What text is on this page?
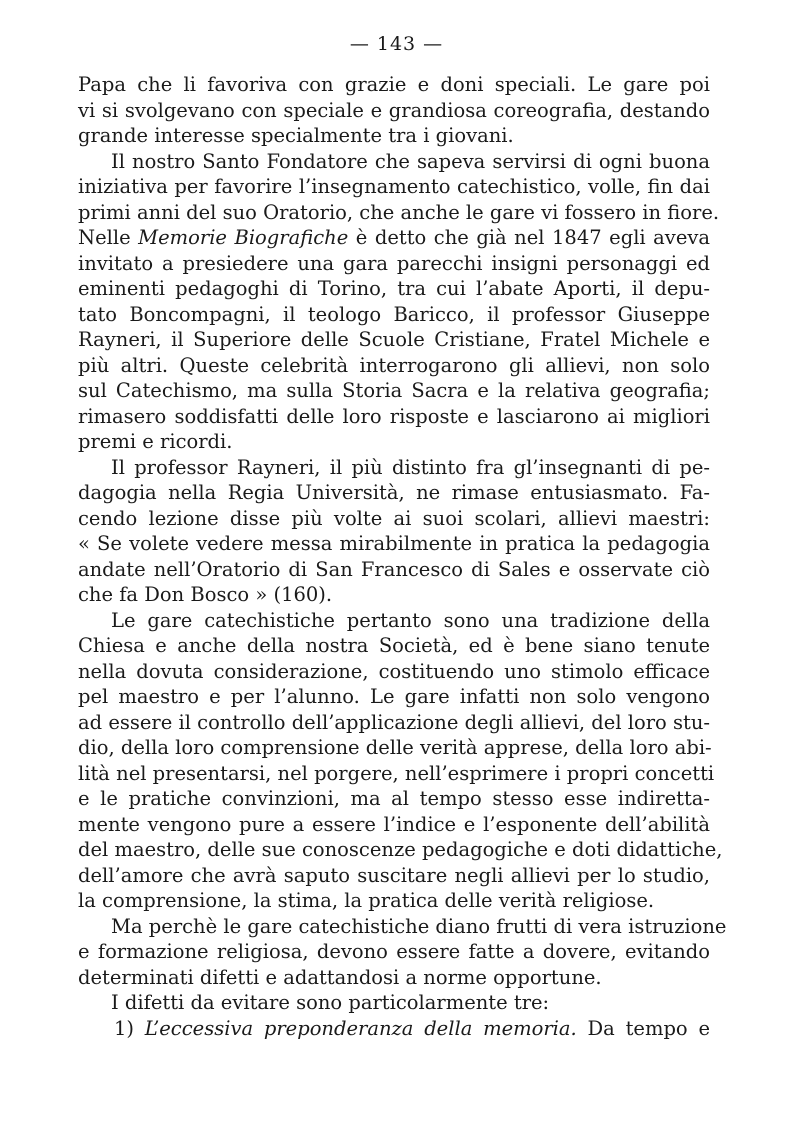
— 143 —
Papa che li favoriva con grazie e doni speciali. Le gare poi
vi si svolgevano con speciale e grandiosa coreografia, destando
grande interesse specialmente tra i giovani.
Il nostro Santo Fondatore che sapeva servirsi di ogni buona
iniziativa per favorire l’insegnamento catechistico, volle, fin dai
primi anni del suo Oratorio, che anche le gare vi fossero in fiore.
Nelle Memorie Biografiche è detto che già nel 1847 egli aveva
invitato a presiedere una gara parecchi insigni personaggi ed
eminenti pedagoghi di Torino, tra cui l’abate Aporti, il depu-
tato Boncompagni, il teologo Baricco, il professor Giuseppe
Rayneri, il Superiore delle Scuole Cristiane, Fratel Michele e
più altri. Queste celebrità interrogarono gli allievi, non solo
sul Catechismo, ma sulla Storia Sacra e la relativa geografia;
rimasero soddisfatti delle loro risposte e lasciarono ai migliori
premi e ricordi.
Il professor Rayneri, il più distinto fra gl’insegnanti di pe-
dagogia nella Regia Università, ne rimase entusiasmato. Fa-
cendo lezione disse più volte ai suoi scolari, allievi maestri:
« Se volete vedere messa mirabilmente in pratica la pedagogia
andate nell’Oratorio di San Francesco di Sales e osservate ciò
che fa Don Bosco » (160).
Le gare catechistiche pertanto sono una tradizione della
Chiesa e anche della nostra Società, ed è bene siano tenute
nella dovuta considerazione, costituendo uno stimolo efficace
pel maestro e per l’alunno. Le gare infatti non solo vengono
ad essere il controllo dell’applicazione degli allievi, del loro stu-
dio, della loro comprensione delle verità apprese, della loro abi-
lità nel presentarsi, nel porgere, nell’esprimere i propri concetti
e le pratiche convinzioni, ma al tempo stesso esse indiretta-
mente vengono pure a essere l’indice e l’esponente dell’abilità
del maestro, delle sue conoscenze pedagogiche e doti didattiche,
dell’amore che avrà saputo suscitare negli allievi per lo studio,
la comprensione, la stima, la pratica delle verità religiose.
Ma perchè le gare catechistiche diano frutti di vera istruzione
e formazione religiosa, devono essere fatte a dovere, evitando
determinati difetti e adattandosi a norme opportune.
I difetti da evitare sono particolarmente tre:
1) L’eccessiva preponderanza della memoria. Da tempo e
